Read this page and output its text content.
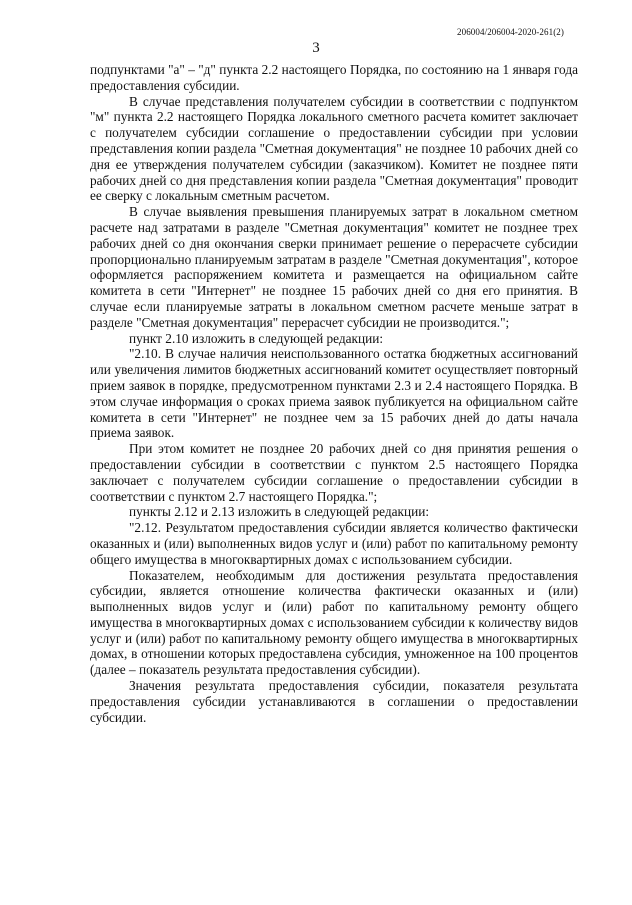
206004/206004-2020-261(2)
3

подпунктами "а" – "д" пункта 2.2 настоящего Порядка, по состоянию на 1 января года предоставления субсидии.

В случае представления получателем субсидии в соответствии с подпунктом "м" пункта 2.2 настоящего Порядка локального сметного расчета комитет заключает с получателем субсидии соглашение о предоставлении субсидии при условии представления копии раздела "Сметная документация" не позднее 10 рабочих дней со дня ее утверждения получателем субсидии (заказчиком). Комитет не позднее пяти рабочих дней со дня представления копии раздела "Сметная документация" проводит ее сверку с локальным сметным расчетом.

В случае выявления превышения планируемых затрат в локальном сметном расчете над затратами в разделе "Сметная документация" комитет не позднее трех рабочих дней со дня окончания сверки принимает решение о перерасчете субсидии пропорционально планируемым затратам в разделе "Сметная документация", которое оформляется распоряжением комитета и размещается на официальном сайте комитета в сети "Интернет" не позднее 15 рабочих дней со дня его принятия. В случае если планируемые затраты в локальном сметном расчете меньше затрат в разделе "Сметная документация" перерасчет субсидии не производится.";

пункт 2.10 изложить в следующей редакции:

"2.10. В случае наличия неиспользованного остатка бюджетных ассигнований или увеличения лимитов бюджетных ассигнований комитет осуществляет повторный прием заявок в порядке, предусмотренном пунктами 2.3 и 2.4 настоящего Порядка. В этом случае информация о сроках приема заявок публикуется на официальном сайте комитета в сети "Интернет" не позднее чем за 15 рабочих дней до даты начала приема заявок.

При этом комитет не позднее 20 рабочих дней со дня принятия решения о предоставлении субсидии в соответствии с пунктом 2.5 настоящего Порядка заключает с получателем субсидии соглашение о предоставлении субсидии в соответствии с пунктом 2.7 настоящего Порядка.";

пункты 2.12 и 2.13 изложить в следующей редакции:

"2.12. Результатом предоставления субсидии является количество фактически оказанных и (или) выполненных видов услуг и (или) работ по капитальному ремонту общего имущества в многоквартирных домах с использованием субсидии.

Показателем, необходимым для достижения результата предоставления субсидии, является отношение количества фактически оказанных и (или) выполненных видов услуг и (или) работ по капитальному ремонту общего имущества в многоквартирных домах с использованием субсидии к количеству видов услуг и (или) работ по капитальному ремонту общего имущества в многоквартирных домах, в отношении которых предоставлена субсидия, умноженное на 100 процентов (далее – показатель результата предоставления субсидии).

Значения результата предоставления субсидии, показателя результата предоставления субсидии устанавливаются в соглашении о предоставлении субсидии.
